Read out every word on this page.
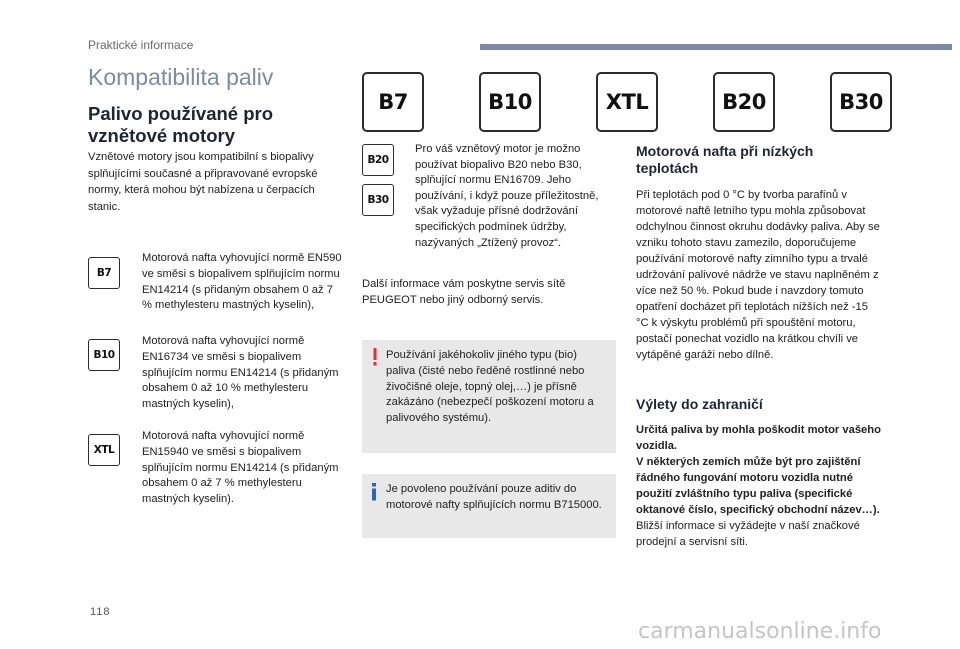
Praktické informace
Kompatibilita paliv
Palivo používané pro vznětové motory
Vznětové motory jsou kompatibilní s biopalivy splňujícími současné a připravované evropské normy, která mohou být nabízena u čerpacích stanic.
B7
Motorová nafta vyhovující normě EN590 ve směsi s biopalivem splňujícím normu EN14214 (s přidaným obsahem 0 až 7 % methylesteru mastných kyselin),
B10
Motorová nafta vyhovující normě EN16734 ve směsi s biopalivem splňujícím normu EN14214 (s přidaným obsahem 0 až 10 % methylesteru mastných kyselin),
XTL
Motorová nafta vyhovující normě EN15940 ve směsi s biopalivem splňujícím normu EN14214 (s přidaným obsahem 0 až 7 % methylesteru mastných kyselin).
B7	B10	XTL	B20	B30
B20
B30
Pro váš vznětový motor je možno používat biopalivo B20 nebo B30, splňující normu EN16709. Jeho používání, i když pouze příležitostně, však vyžaduje přísné dodržování specifických podmínek údržby, nazývaných „Ztížený provoz“.
Další informace vám poskytne servis sítě PEUGEOT nebo jiný odborný servis.
Používání jakéhokoliv jiného typu (bio) paliva (čisté nebo ředěné rostlinné nebo živočišné oleje, topný olej,…) je přísně zakázáno (nebezpečí poškození motoru a palivového systému).
Je povoleno používání pouze aditiv do motorové nafty splňujících normu B715000.
Motorová nafta při nízkých teplotách
Při teplotách pod 0 °C by tvorba parafínů v motorové naftě letního typu mohla způsobovat odchylnou činnost okruhu dodávky paliva. Aby se vzniku tohoto stavu zamezilo, doporučujeme používání motorové nafty zimního typu a trvalé udržování palivové nádrže ve stavu naplněném z více než 50 %. Pokud bude i navzdory tomuto opatření docházet při teplotách nižších než -15 °C k výskytu problémů při spouštění motoru, postačí ponechat vozidlo na krátkou chvíli ve vytápěné garáži nebo dílně.
Výlety do zahraničí
Určitá paliva by mohla poškodit motor vašeho vozidla.
V některých zemích může být pro zajištění řádného fungování motoru vozidla nutné použití zvláštního typu paliva (specifické oktanové číslo, specifický obchodní název…).
Bližší informace si vyžádejte v naší značkové prodejní a servisní síti.
118
carmanualsonline.info
